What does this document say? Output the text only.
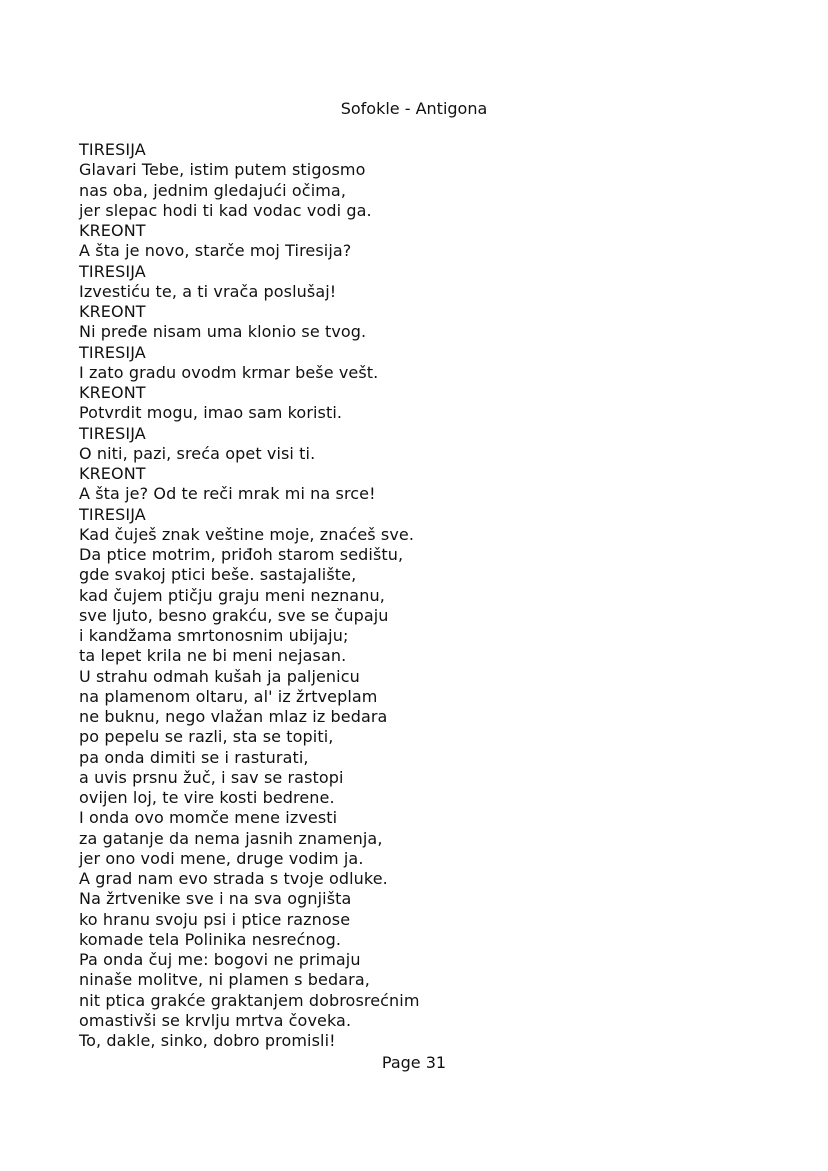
Sofokle - Antigona
TIRESIJA
Glavari Tebe, istim putem stigosmo
nas oba, jednim gledajući očima,
jer slepac hodi ti kad vodac vodi ga.
KREONT
A šta je novo, starče moj Tiresija?
TIRESIJA
Izvestiću te, a ti vrača poslušaj!
KREONT
Ni pređe nisam uma klonio se tvog.
TIRESIJA
I zato gradu ovodm krmar beše vešt.
KREONT
Potvrdit mogu, imao sam koristi.
TIRESIJA
O niti, pazi, sreća opet visi ti.
KREONT
A šta je? Od te reči mrak mi na srce!
TIRESIJA
Kad čuješ znak veštine moje, znaćeš sve.
Da ptice motrim, priđoh starom sedištu,
gde svakoj ptici beše. sastajalište,
kad čujem ptičju graju meni neznanu,
sve ljuto, besno grakću, sve se čupaju
i kandžama smrtonosnim ubijaju;
ta lepet krila ne bi meni nejasan.
U strahu odmah kušah ja paljenicu
na plamenom oltaru, al' iz žrtveplam
ne buknu, nego vlažan mlaz iz bedara
po pepelu se razli, sta se topiti,
pa onda dimiti se i rasturati,
a uvis prsnu žuč, i sav se rastopi
ovijen loj, te vire kosti bedrene.
I onda ovo momče mene izvesti
za gatanje da nema jasnih znamenja,
jer ono vodi mene, druge vodim ja.
A grad nam evo strada s tvoje odluke.
Na žrtvenike sve i na sva ognjišta
ko hranu svoju psi i ptice raznose
komade tela Polinika nesrećnog.
Pa onda čuj me: bogovi ne primaju
ninaše molitve, ni plamen s bedara,
nit ptica grakće graktanjem dobrosrećnim
omastivši se krvlju mrtva čoveka.
To, dakle, sinko, dobro promisli!
Page 31
